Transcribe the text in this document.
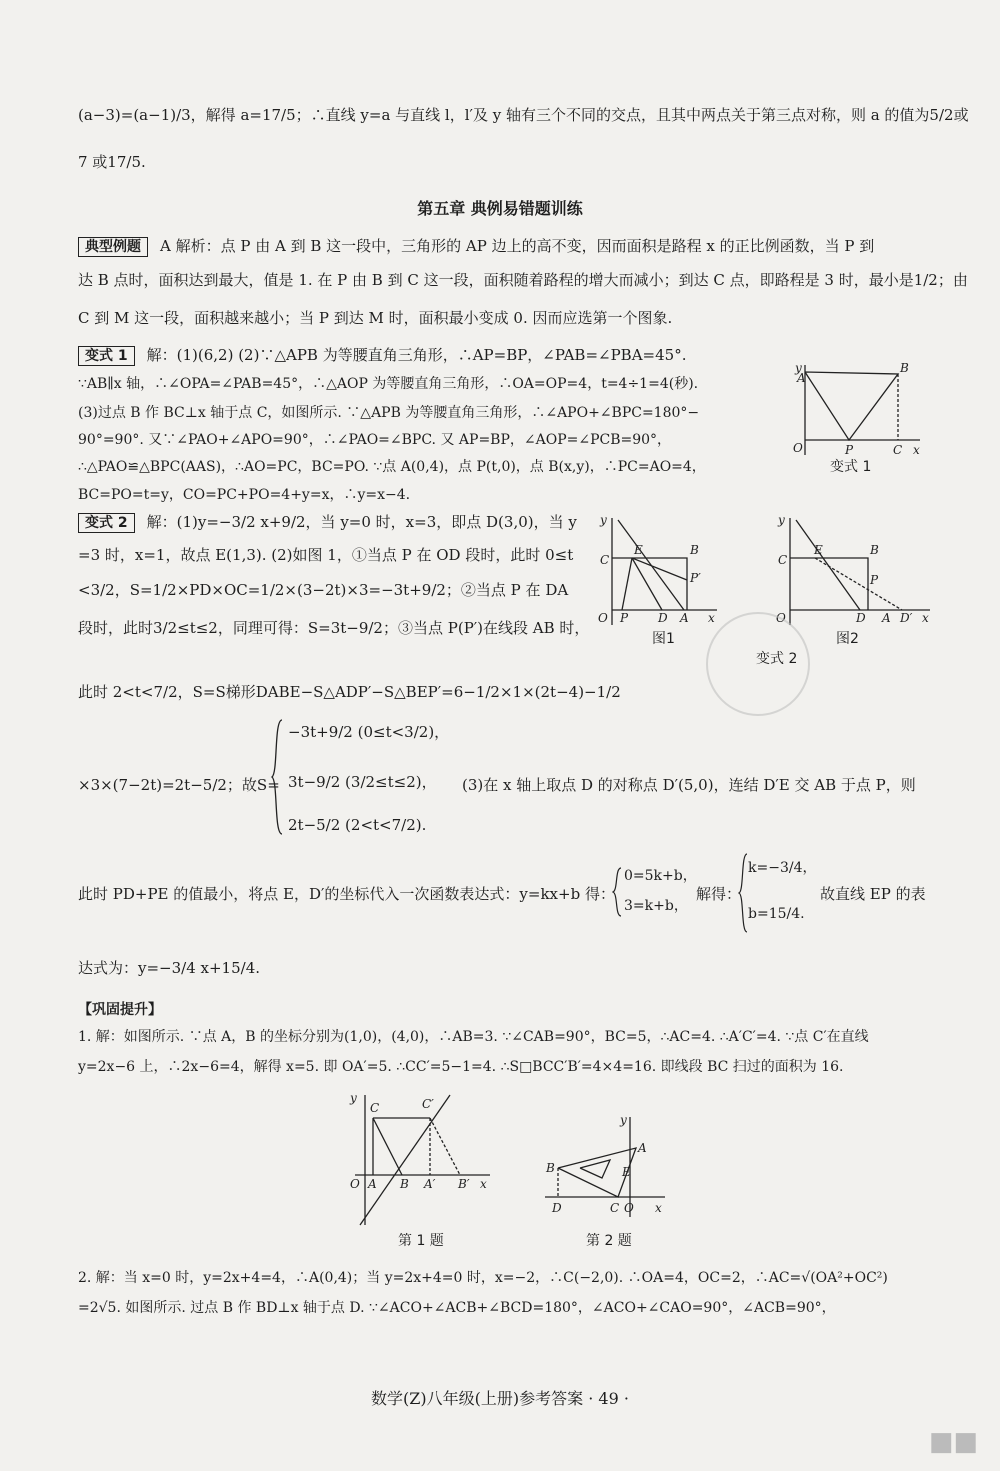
(a−3)=(a−1)/3，解得 a=17/5；∴直线 y=a 与直线 l，l′及 y 轴有三个不同的交点，且其中两点关于第三点对称，则 a 的值为5/2或
7 或17/5.
第五章 典例易错题训练
典型例题 A 解析：点 P 由 A 到 B 这一段中，三角形的 AP 边上的高不变，因而面积是路程 x 的正比例函数，当 P 到
达 B 点时，面积达到最大，值是 1. 在 P 由 B 到 C 这一段，面积随着路程的增大而减小；到达 C 点，即路程是 3 时，最小是1/2；由
C 到 M 这一段，面积越来越小；当 P 到达 M 时，面积最小变成 0. 因而应选第一个图象.
变式 1 解：(1)(6,2) (2)∵△APB 为等腰直角三角形，∴AP=BP，∠PAB=∠PBA=45°.
∵AB∥x 轴，∴∠OPA=∠PAB=45°，∴△AOP 为等腰直角三角形，∴OA=OP=4，t=4÷1=4(秒).
(3)过点 B 作 BC⊥x 轴于点 C，如图所示. ∵△APB 为等腰直角三角形，∴∠APO+∠BPC=180°−
90°=90°. 又∵∠PAO+∠APO=90°，∴∠PAO=∠BPC. 又 AP=BP，∠AOP=∠PCB=90°，
∴△PAO≌△BPC(AAS)，∴AO=PC，BC=PO. ∵点 A(0,4)，点 P(t,0)，点 B(x,y)，∴PC=AO=4，
BC=PO=t=y，CO=PC+PO=4+y=x，∴y=x−4.
y
A
B
O	P	C x
变式 1
变式 2 解：(1)y=−3/2 x+9/2，当 y=0 时，x=3，即点 D(3,0)，当 y
=3 时，x=1，故点 E(1,3). (2)如图 1，①当点 P 在 OD 段时，此时 0≤t
<3/2，S=1/2×PD×OC=1/2×(3−2t)×3=−3t+9/2；②当点 P 在 DA
段时，此时3/2≤t≤2，同理可得：S=3t−9/2；③当点 P(P′)在线段 AB 时，
此时 2<t<7/2，S=S梯形DABE−S△ADP′−S△BEP′=6−1/2×1×(2t−4)−1/2
y
C
E	B
P′
O P D A x
图1
y
C
E	B
P
O	D A D′ x
图2
变式 2
×3×(7−2t)=2t−5/2；故S=
−3t+9/2 (0≤t<3/2)，
3t−9/2 (3/2≤t≤2)，
2t−5/2 (2<t<7/2).
(3)在 x 轴上取点 D 的对称点 D′(5,0)，连结 D′E 交 AB 于点 P，则
此时 PD+PE 的值最小，将点 E，D′的坐标代入一次函数表达式：y=kx+b 得：
0=5k+b，
3=k+b，
解得：
k=−3/4，
b=15/4.
故直线 EP 的表
达式为：y=−3/4 x+15/4.
【巩固提升】
1. 解：如图所示. ∵点 A，B 的坐标分别为(1,0)，(4,0)，∴AB=3. ∵∠CAB=90°，BC=5，∴AC=4. ∴A′C′=4. ∵点 C′在直线
y=2x−6 上，∴2x−6=4，解得 x=5. 即 OA′=5. ∴CC′=5−1=4. ∴S□BCC′B′=4×4=16. 即线段 BC 扫过的面积为 16.
y
C	C′
O A B A′ B′ x
第 1 题
y
A
B	E
D	C O x
第 2 题
2. 解：当 x=0 时，y=2x+4=4，∴A(0,4)；当 y=2x+4=0 时，x=−2，∴C(−2,0). ∴OA=4，OC=2，∴AC=√(OA²+OC²)
=2√5. 如图所示. 过点 B 作 BD⊥x 轴于点 D. ∵∠ACO+∠ACB+∠BCD=180°，∠ACO+∠CAO=90°，∠ACB=90°，
数学(Z)八年级(上册)参考答案 · 49 ·
■■
